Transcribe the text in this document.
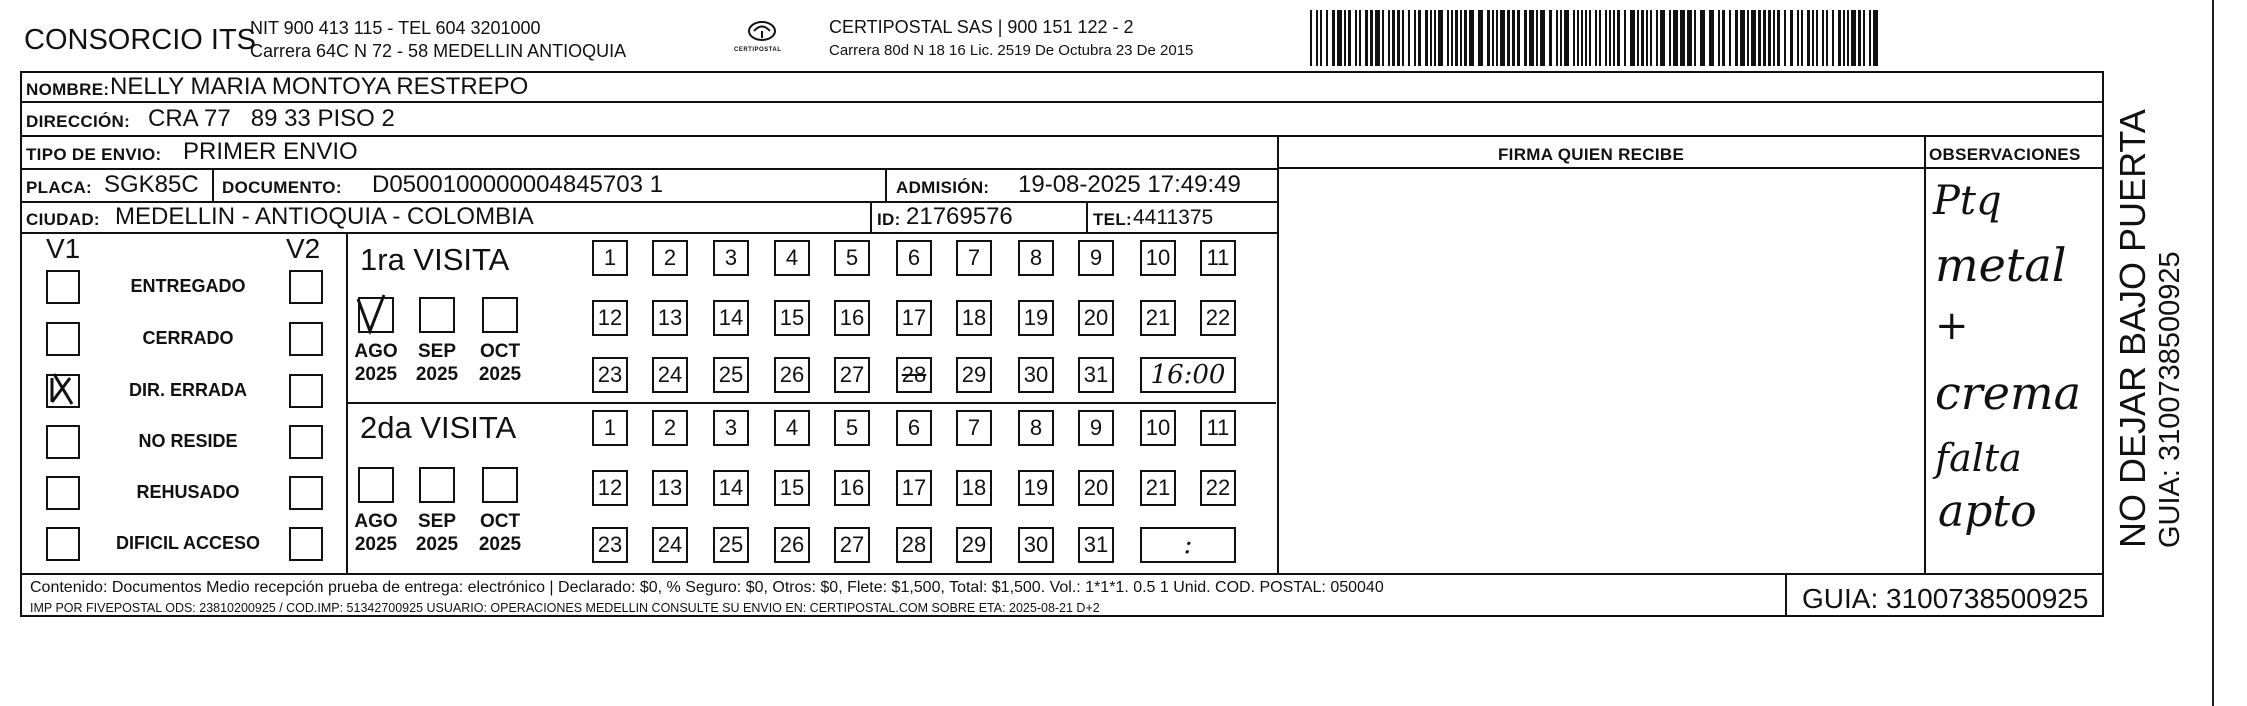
CONSORCIO ITS
NIT 900 413 115 - TEL 604 3201000
Carrera 64C N 72 - 58 MEDELLIN ANTIOQUIA	CERTIPOSTAL
CERTIPOSTAL SAS | 900 151 122 - 2
Carrera 80d N 18 16 Lic. 2519 De Octubra 23 De 2015
NOMBRE: NELLY MARIA MONTOYA RESTREPO
DIRECCIÓN: CRA 77   89 33 PISO 2
TIPO DE ENVIO: PRIMER ENVIO	FIRMA QUIEN RECIBE	OBSERVACIONES
PLACA: SGK85C DOCUMENTO: D0500100000004845703 1	ADMISIÓN: 19-08-2025 17:49:49
CIUDAD: MEDELLIN - ANTIOQUIA - COLOMBIA	ID: 21769576	TEL: 4411375
V1	V2
ENTREGADO
CERRADO
DIR. ERRADA
NO RESIDE
REHUSADO
DIFICIL ACCESO
1ra VISITA
2da VISITA
1	2	3	4	5	6	7	8	9	10 11
12 13 14 15 16 17 18 19 20 21 22
23 24 25 26 27 28 29 30 31	16:00
AGO
2025
SEP
2025
OCT
2025
1	2	3	4	5	6	7	8	9	10 11
12 13 14 15 16 17 18 19 20 21 22
23 24 25 26 27 28 29 30 31	:
AGO
2025
SEP
2025
OCT
2025
Ptq
metal
+
crema
falta
apto
Contenido: Documentos Medio recepción prueba de entrega: electrónico | Declarado: $0, % Seguro: $0, Otros: $0, Flete: $1,500, Total: $1,500. Vol.: 1*1*1. 0.5 1 Unid. COD. POSTAL: 050040
IMP POR FIVEPOSTAL ODS: 23810200925 / COD.IMP: 51342700925 USUARIO: OPERACIONES MEDELLIN CONSULTE SU ENVIO EN: CERTIPOSTAL.COM SOBRE ETA: 2025-08-21 D+2	GUIA: 3100738500925
NO DEJAR BAJO PUERTA GUIA: 3100738500925
